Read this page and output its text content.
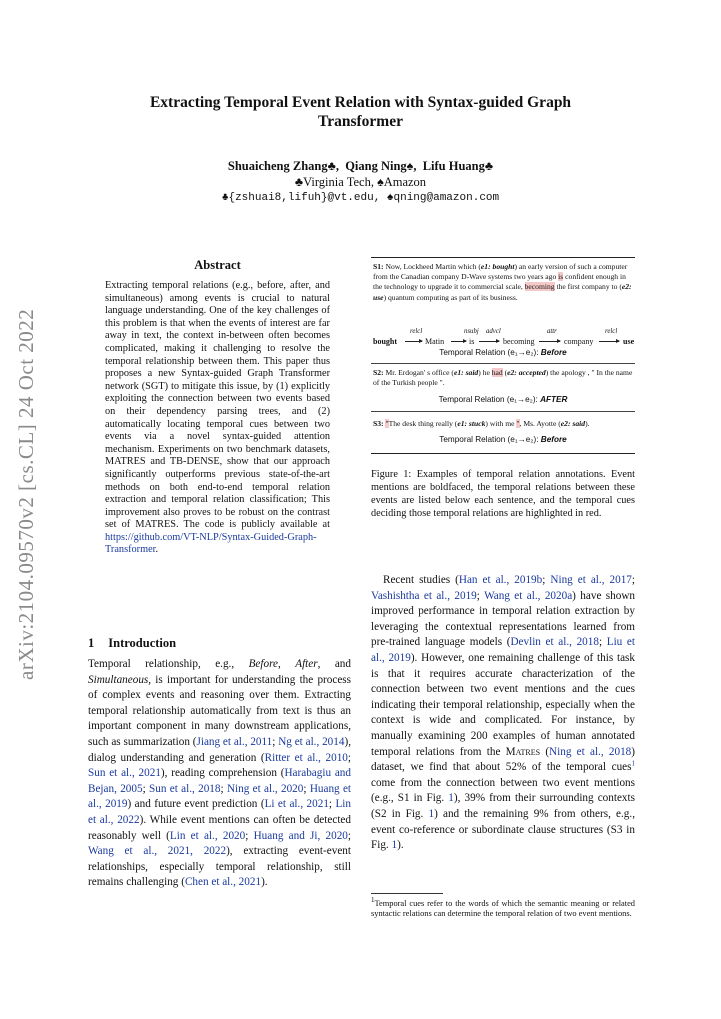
Extracting Temporal Event Relation with Syntax-guided Graph
Transformer
Shuaicheng Zhang♣,  Qiang Ning♠,  Lifu Huang♣
♣Virginia Tech, ♠Amazon
♣{zshuai8,lifuh}@vt.edu, ♠qning@amazon.com
arXiv:2104.09570v2 [cs.CL] 24 Oct 2022
Abstract
Extracting temporal relations (e.g., before, after, and simultaneous) among events is crucial to natural language understanding. One of the key challenges of this problem is that when the events of interest are far away in text, the context in-between often becomes complicated, making it challenging to resolve the temporal relationship between them. This paper thus proposes a new Syntax-guided Graph Transformer network (SGT) to mitigate this issue, by (1) explicitly exploiting the connection between two events based on their dependency parsing trees, and (2) automatically locating temporal cues between two events via a novel syntax-guided attention mechanism. Experiments on two benchmark datasets, MATRES and TB-DENSE, show that our approach significantly outperforms previous state-of-the-art methods on both end-to-end temporal relation extraction and temporal relation classification; This improvement also proves to be robust on the contrast set of MATRES. The code is publicly available at https://github.com/VT-NLP/Syntax-Guided-Graph-Transformer.
1 Introduction

Temporal relationship, e.g., Before, After, and Simultaneous, is important for understanding the process of complex events and reasoning over them. Extracting temporal relationship automatically from text is thus an important component in many downstream applications, such as summarization (Jiang et al., 2011; Ng et al., 2014), dialog understanding and generation (Ritter et al., 2010; Sun et al., 2021), reading comprehension (Harabagiu and Bejan, 2005; Sun et al., 2018; Ning et al., 2020; Huang et al., 2019) and future event prediction (Li et al., 2021; Lin et al., 2022). While event mentions can often be detected reasonably well (Lin et al., 2020; Huang and Ji, 2020; Wang et al., 2021, 2022), extracting event-event relationships, especially temporal relationship, still remains challenging (Chen et al., 2021).

S1: Now, Lockheed Martin which (e1: bought) an early version of such a computer from the Canadian company D-Wave systems two years ago is confident enough in the technology to upgrade it to commercial scale, becoming the first company to (e2: use) quantum computing as part of its business.
bought
relcl
Matin
nsubj
is
advcl
becoming
attr
company
relcl
use
Temporal Relation (e₁→e₂): Before
S2: Mr. Erdogan' s office (e1: said) he had (e2: accepted) the apology , " In the name of the Turkish people ".
Temporal Relation (e₁→e₂): AFTER
S3: "The desk thing really (e1: stuck) with me ", Ms. Ayotte (e2: said).
Temporal Relation (e₁→e₂): Before
Figure 1: Examples of temporal relation annotations. Event mentions are boldfaced, the temporal relations between these events are listed below each sentence, and the temporal cues deciding those temporal relations are highlighted in red.

Recent studies (Han et al., 2019b; Ning et al., 2017; Vashishtha et al., 2019; Wang et al., 2020a) have shown improved performance in temporal relation extraction by leveraging the contextual representations learned from pre-trained language models (Devlin et al., 2018; Liu et al., 2019). However, one remaining challenge of this task is that it requires accurate characterization of the connection between two event mentions and the cues indicating their temporal relationship, especially when the context is wide and complicated. For instance, by manually examining 200 examples of human annotated temporal relations from the Matres (Ning et al., 2018) dataset, we find that about 52% of the temporal cues$^1$ come from the connection between two event mentions (e.g., S1 in Fig. 1), 39% from their surrounding contexts (S2 in Fig. 1) and the remaining 9% from others, e.g., event co-reference or subordinate clause structures (S3 in Fig. 1).

$^1$Temporal cues refer to the words of which the semantic meaning or related syntactic relations can determine the temporal relation of two event mentions.
